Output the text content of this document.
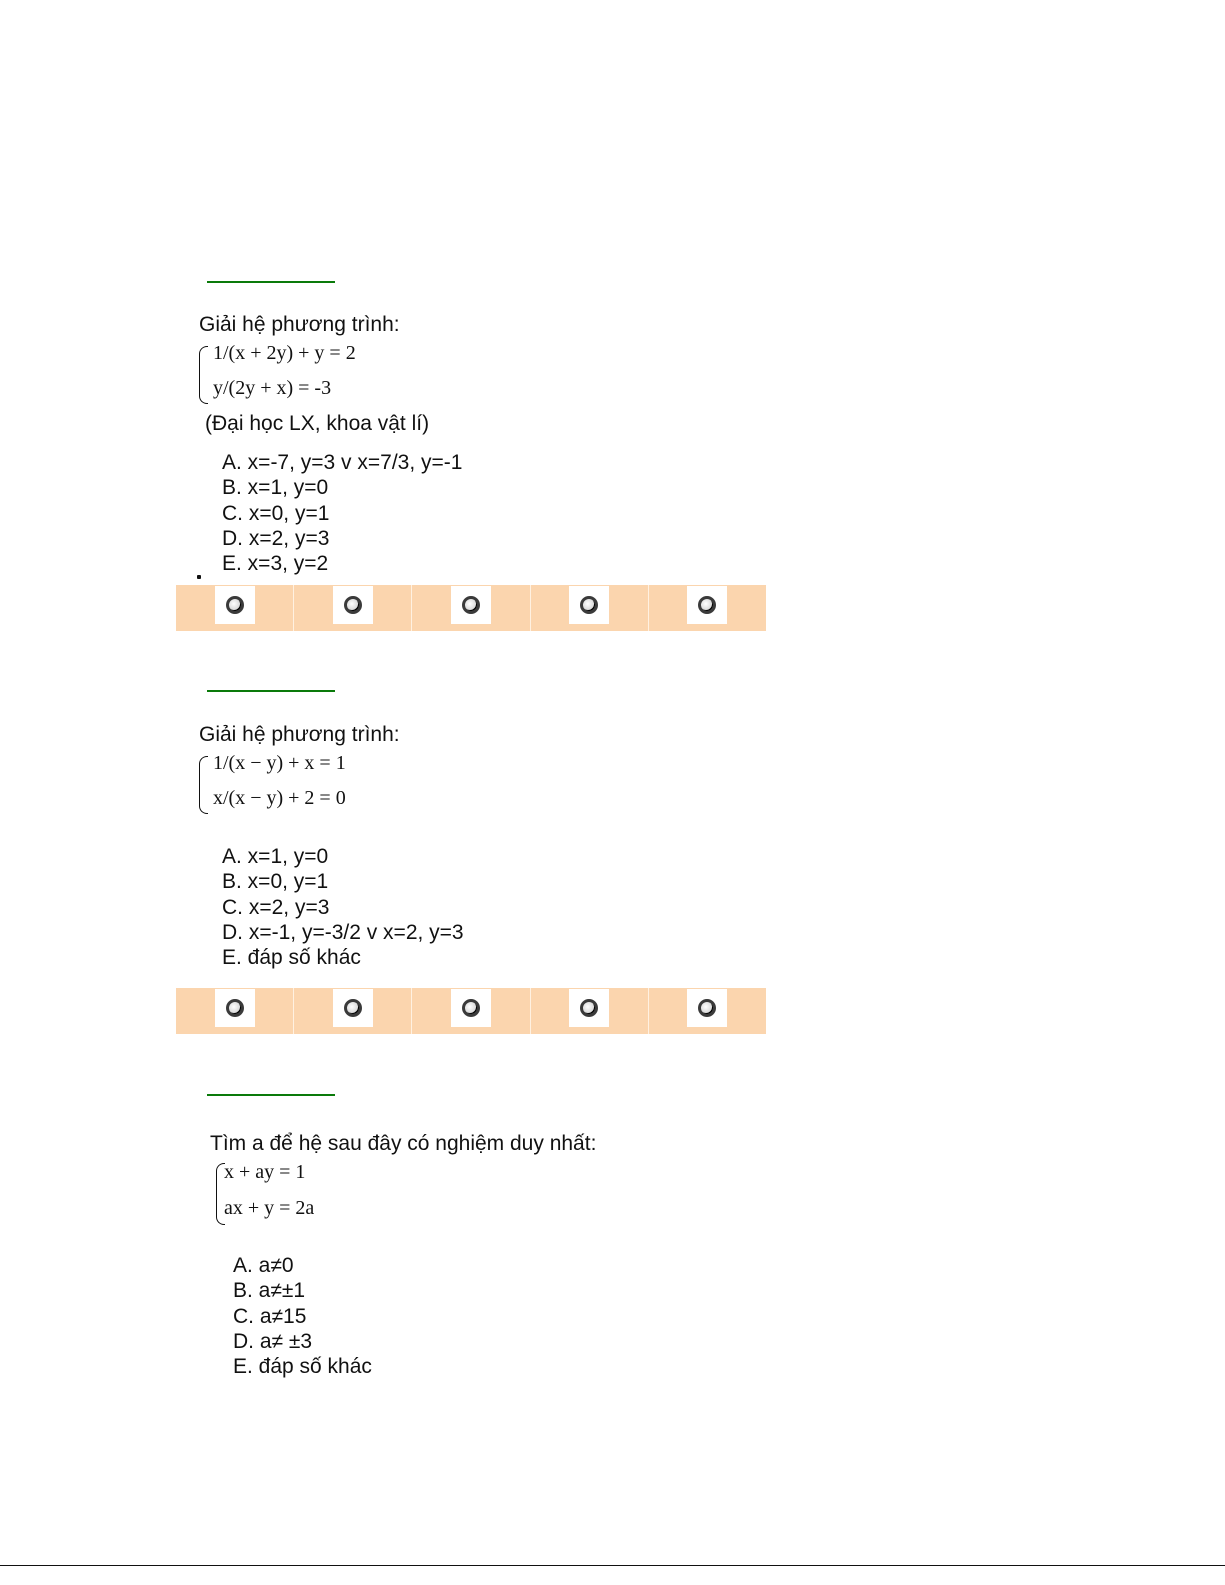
Giải hệ phương trình:
1/(x + 2y) + y = 2
y/(2y + x) = -3
(Đại học LX, khoa vật lí)
A. x=-7, y=3 v x=7/3, y=-1
B. x=1, y=0
C. x=0, y=1
D. x=2, y=3
E. x=3, y=2
Giải hệ phương trình:
1/(x − y) + x = 1
x/(x − y) + 2 = 0
A. x=1, y=0
B. x=0, y=1
C. x=2, y=3
D. x=-1, y=-3/2 v x=2, y=3
E. đáp số khác
Tìm a để hệ sau đây có nghiệm duy nhất:
x + ay = 1
ax + y = 2a
A. a≠0
B. a≠±1
C. a≠15
D. a≠ ±3
E. đáp số khác
